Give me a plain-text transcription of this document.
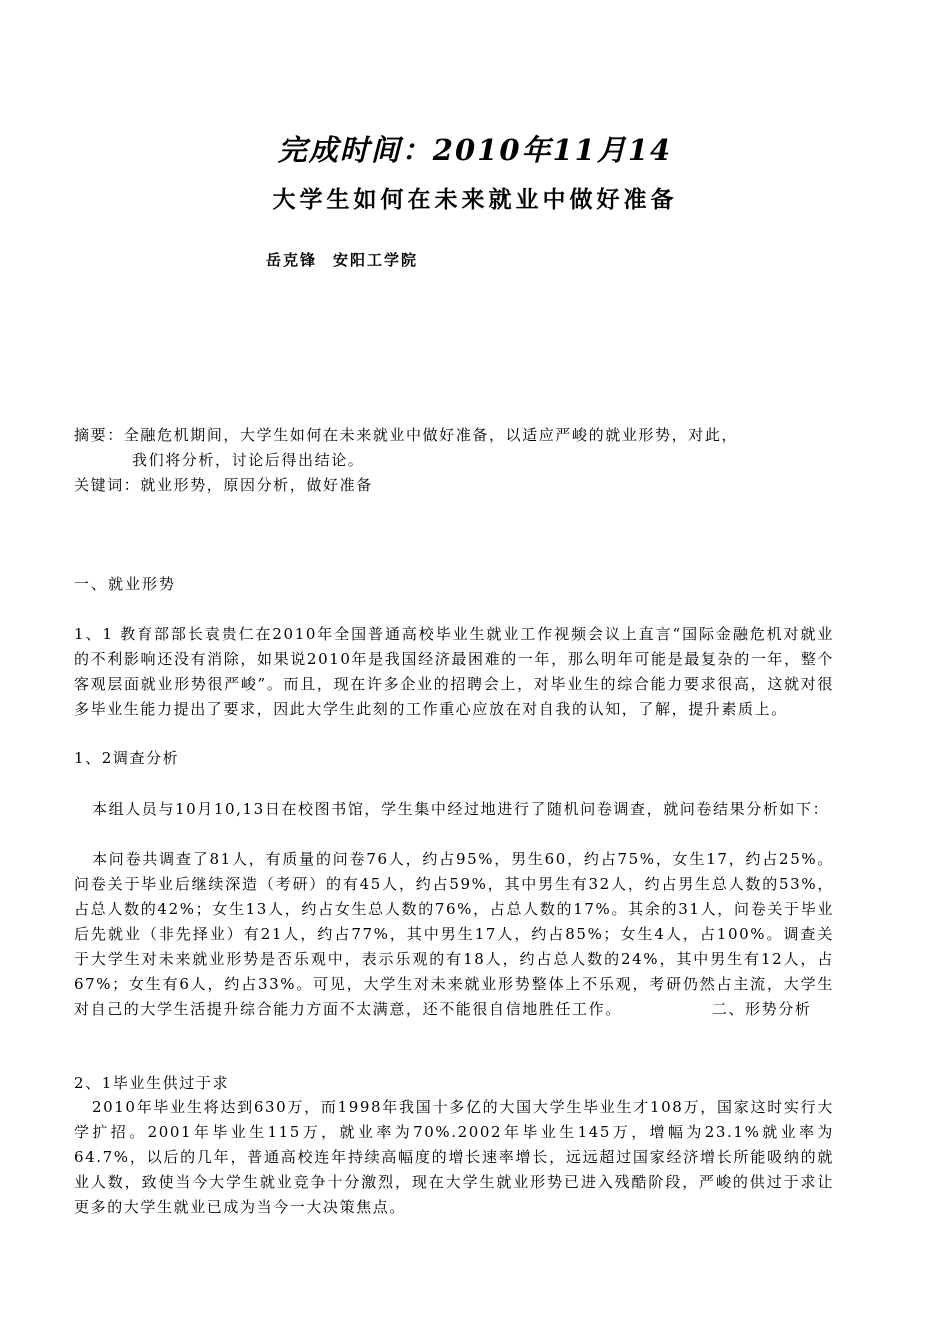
完成时间：2010年11月14
大学生如何在未来就业中做好准备
岳克锋 安阳工学院
摘要：全融危机期间，大学生如何在未来就业中做好准备，以适应严峻的就业形势，对此，
我们将分析，讨论后得出结论。
关键词：就业形势，原因分析，做好准备
一、就业形势
1、1 教育部部长袁贵仁在2010年全国普通高校毕业生就业工作视频会议上直言“国际金融危机对就业的不利影响还没有消除，如果说2010年是我国经济最困难的一年，那么明年可能是最复杂的一年，整个客观层面就业形势很严峻”。而且，现在许多企业的招聘会上，对毕业生的综合能力要求很高，这就对很多毕业生能力提出了要求，因此大学生此刻的工作重心应放在对自我的认知，了解，提升素质上。
1、2调查分析
本组人员与10月10,13日在校图书馆，学生集中经过地进行了随机问卷调查，就问卷结果分析如下：
本问卷共调查了81人，有质量的问卷76人，约占95%，男生60，约占75%，女生17，约占25%。问卷关于毕业后继续深造（考研）的有45人，约占59%，其中男生有32人，约占男生总人数的53%，占总人数的42%；女生13人，约占女生总人数的76%，占总人数的17%。其余的31人，问卷关于毕业后先就业（非先择业）有21人，约占77%，其中男生17人，约占85%；女生4人，占100%。调查关于大学生对未来就业形势是否乐观中，表示乐观的有18人，约占总人数的24%，其中男生有12人，占67%；女生有6人，约占33%。可见，大学生对未来就业形势整体上不乐观，考研仍然占主流，大学生对自己的大学生活提升综合能力方面不太满意，还不能很自信地胜任工作。	二、形势分析
2、1毕业生供过于求
2010年毕业生将达到630万，而1998年我国十多亿的大国大学生毕业生才108万，国家这时实行大学扩招。2001年毕业生115万，就业率为70%.2002年毕业生145万，增幅为23.1%就业率为64.7%，以后的几年，普通高校连年持续高幅度的增长速率增长，远远超过国家经济增长所能吸纳的就业人数，致使当今大学生就业竞争十分激烈，现在大学生就业形势已进入残酷阶段，严峻的供过于求让更多的大学生就业已成为当今一大决策焦点。
